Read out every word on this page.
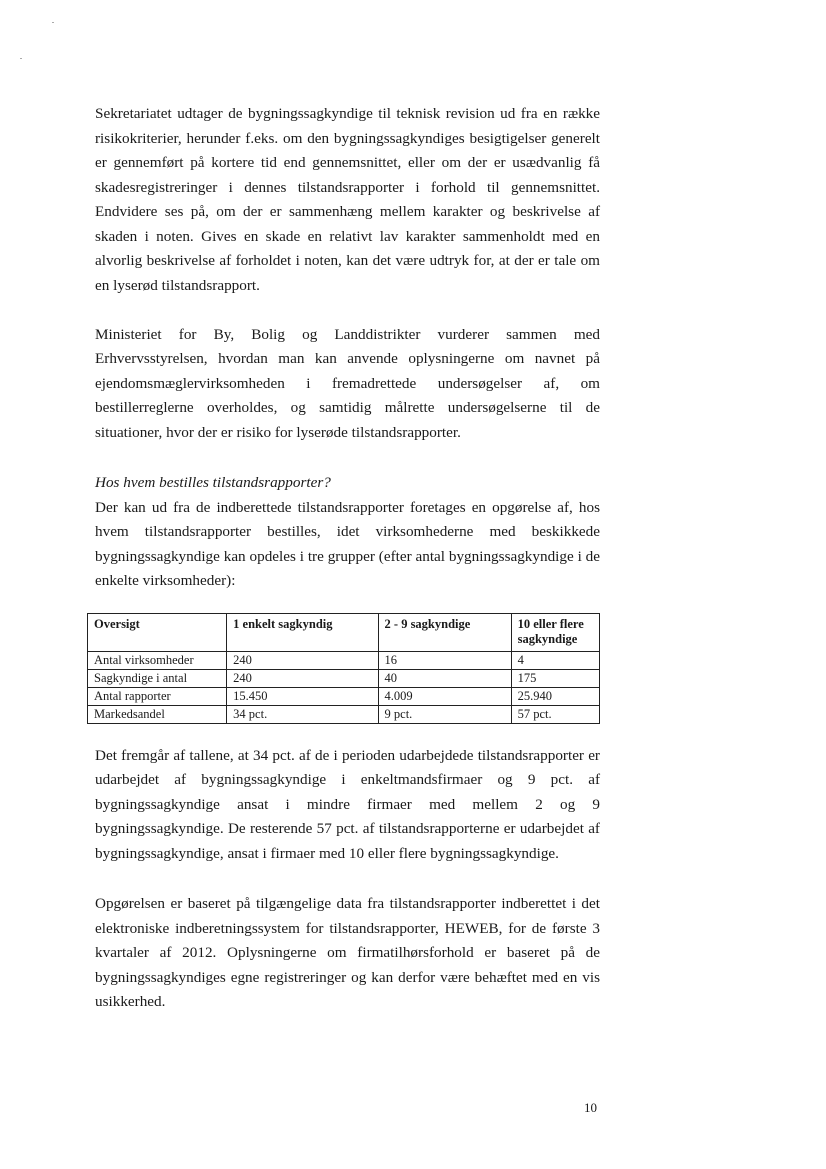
Sekretariatet udtager de bygningssagkyndige til teknisk revision ud fra en række risikokriterier, herunder f.eks. om den bygningssagkyndiges besigtigelser generelt er gennemført på kortere tid end gennemsnittet, eller om der er usædvanlig få skadesregistreringer i dennes tilstandsrapporter i forhold til gennemsnittet. Endvidere ses på, om der er sammenhæng mellem karakter og beskrivelse af skaden i noten. Gives en skade en relativt lav karakter sammenholdt med en alvorlig beskrivelse af forholdet i noten, kan det være udtryk for, at der er tale om en lyserød tilstandsrapport.

Ministeriet for By, Bolig og Landdistrikter vurderer sammen med Erhvervsstyrelsen, hvordan man kan anvende oplysningerne om navnet på ejendomsmæglervirksomheden i fremadrettede undersøgelser af, om bestillerreglerne overholdes, og samtidig målrette undersøgelserne til de situationer, hvor der er risiko for lyserøde tilstandsrapporter.

Hos hvem bestilles tilstandsrapporter?

Der kan ud fra de indberettede tilstandsrapporter foretages en opgørelse af, hos hvem tilstandsrapporter bestilles, idet virksomhederne med beskikkede bygningssagkyndige kan opdeles i tre grupper (efter antal bygningssagkyndige i de enkelte virksomheder):

Oversigt	1 enkelt sagkyndig	2 - 9 sagkyndige	10 eller flere sagkyndige
Antal virksomheder	240	16	4
Sagkyndige i antal	240	40	175
Antal rapporter	15.450	4.009	25.940
Markedsandel	34 pct.	9 pct.	57 pct.

Det fremgår af tallene, at 34 pct. af de i perioden udarbejdede tilstandsrapporter er udarbejdet af bygningssagkyndige i enkeltmandsfirmaer og 9 pct. af bygningssagkyndige ansat i mindre firmaer med mellem 2 og 9 bygningssagkyndige. De resterende 57 pct. af tilstandsrapporterne er udarbejdet af bygningssagkyndige, ansat i firmaer med 10 eller flere bygningssagkyndige.

Opgørelsen er baseret på tilgængelige data fra tilstandsrapporter indberettet i det elektroniske indberetningssystem for tilstandsrapporter, HEWEB, for de første 3 kvartaler af 2012. Oplysningerne om firmatilhørsforhold er baseret på de bygningssagkyndiges egne registreringer og kan derfor være behæftet med en vis usikkerhed.

10
